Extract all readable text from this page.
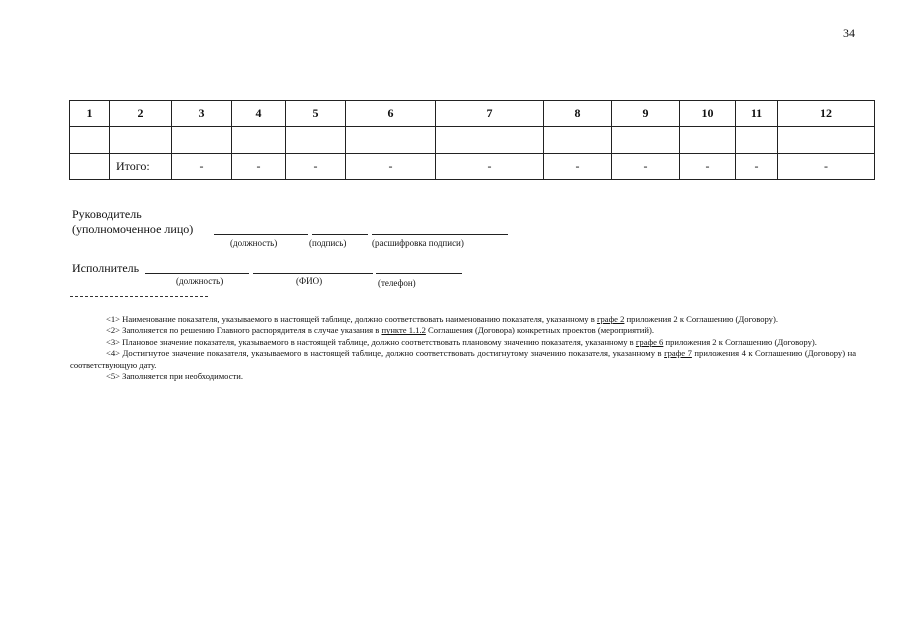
34
1	2	3	4	5	6	7	8	9	10	11	12

	Итого:	-	-	-	-	-	-	-	-	-	-
Руководитель
(уполномоченное лицо)
(должность)	(подпись)	(расшифровка подписи)
Исполнитель
(должность)	(ФИО)	(телефон)

<1> Наименование показателя, указываемого в настоящей таблице, должно соответствовать наименованию показателя, указанному в графе 2 приложения 2 к Соглашению (Договору).

<2> Заполняется по решению Главного распорядителя в случае указания в пункте 1.1.2 Соглашения (Договора) конкретных проектов (мероприятий).

<3> Плановое значение показателя, указываемого в настоящей таблице, должно соответствовать плановому значению показателя, указанному в графе 6 приложения 2 к Соглашению (Договору).

<4> Достигнутое значение показателя, указываемого в настоящей таблице, должно соответствовать достигнутому значению показателя, указанному в графе 7 приложения 4 к Соглашению (Договору) на соответствующую дату.

<5> Заполняется при необходимости.
